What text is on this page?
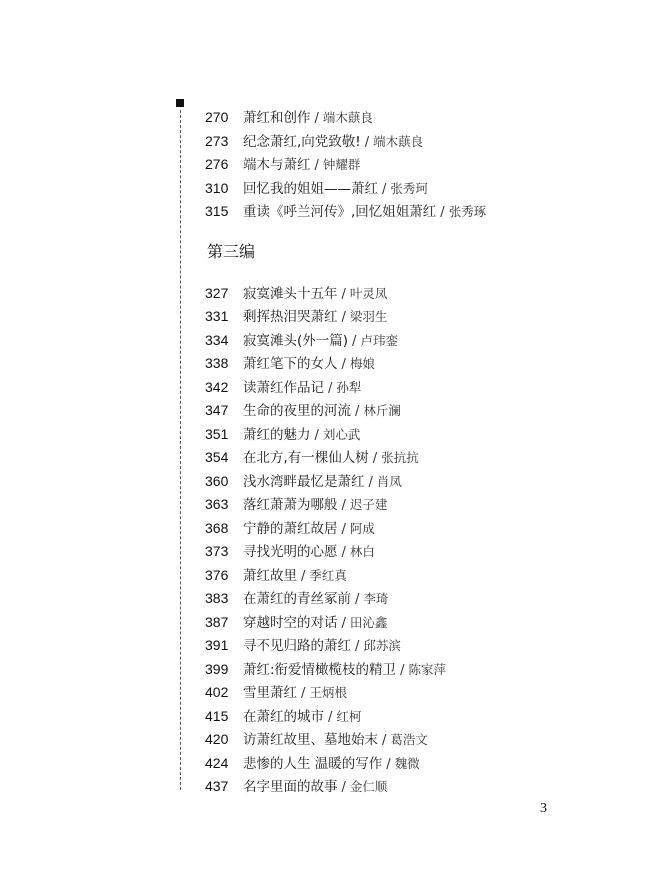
270 萧红和创作 / 端木蕻良
273 纪念萧红,向党致敬! / 端木蕻良
276 端木与萧红 / 钟耀群
310 回忆我的姐姐——萧红 / 张秀珂
315 重读《呼兰河传》,回忆姐姐萧红 / 张秀琢
第三编
327 寂寞滩头十五年 / 叶灵凤
331 剩挥热泪哭萧红 / 梁羽生
334 寂寞滩头(外一篇) / 卢玮銮
338 萧红笔下的女人 / 梅娘
342 读萧红作品记 / 孙犁
347 生命的夜里的河流 / 林斤澜
351 萧红的魅力 / 刘心武
354 在北方,有一棵仙人树 / 张抗抗
360 浅水湾畔最忆是萧红 / 肖凤
363 落红萧萧为哪般 / 迟子建
368 宁静的萧红故居 / 阿成
373 寻找光明的心愿 / 林白
376 萧红故里 / 季红真
383 在萧红的青丝冢前 / 李琦
387 穿越时空的对话 / 田沁鑫
391 寻不见归路的萧红 / 邱苏滨
399 萧红:衔爱情橄榄枝的精卫 / 陈家萍
402 雪里萧红 / 王炳根
415 在萧红的城市 / 红柯
420 访萧红故里、墓地始末 / 葛浩文
424 悲惨的人生 温暖的写作 / 魏微
437 名字里面的故事 / 金仁顺
3
